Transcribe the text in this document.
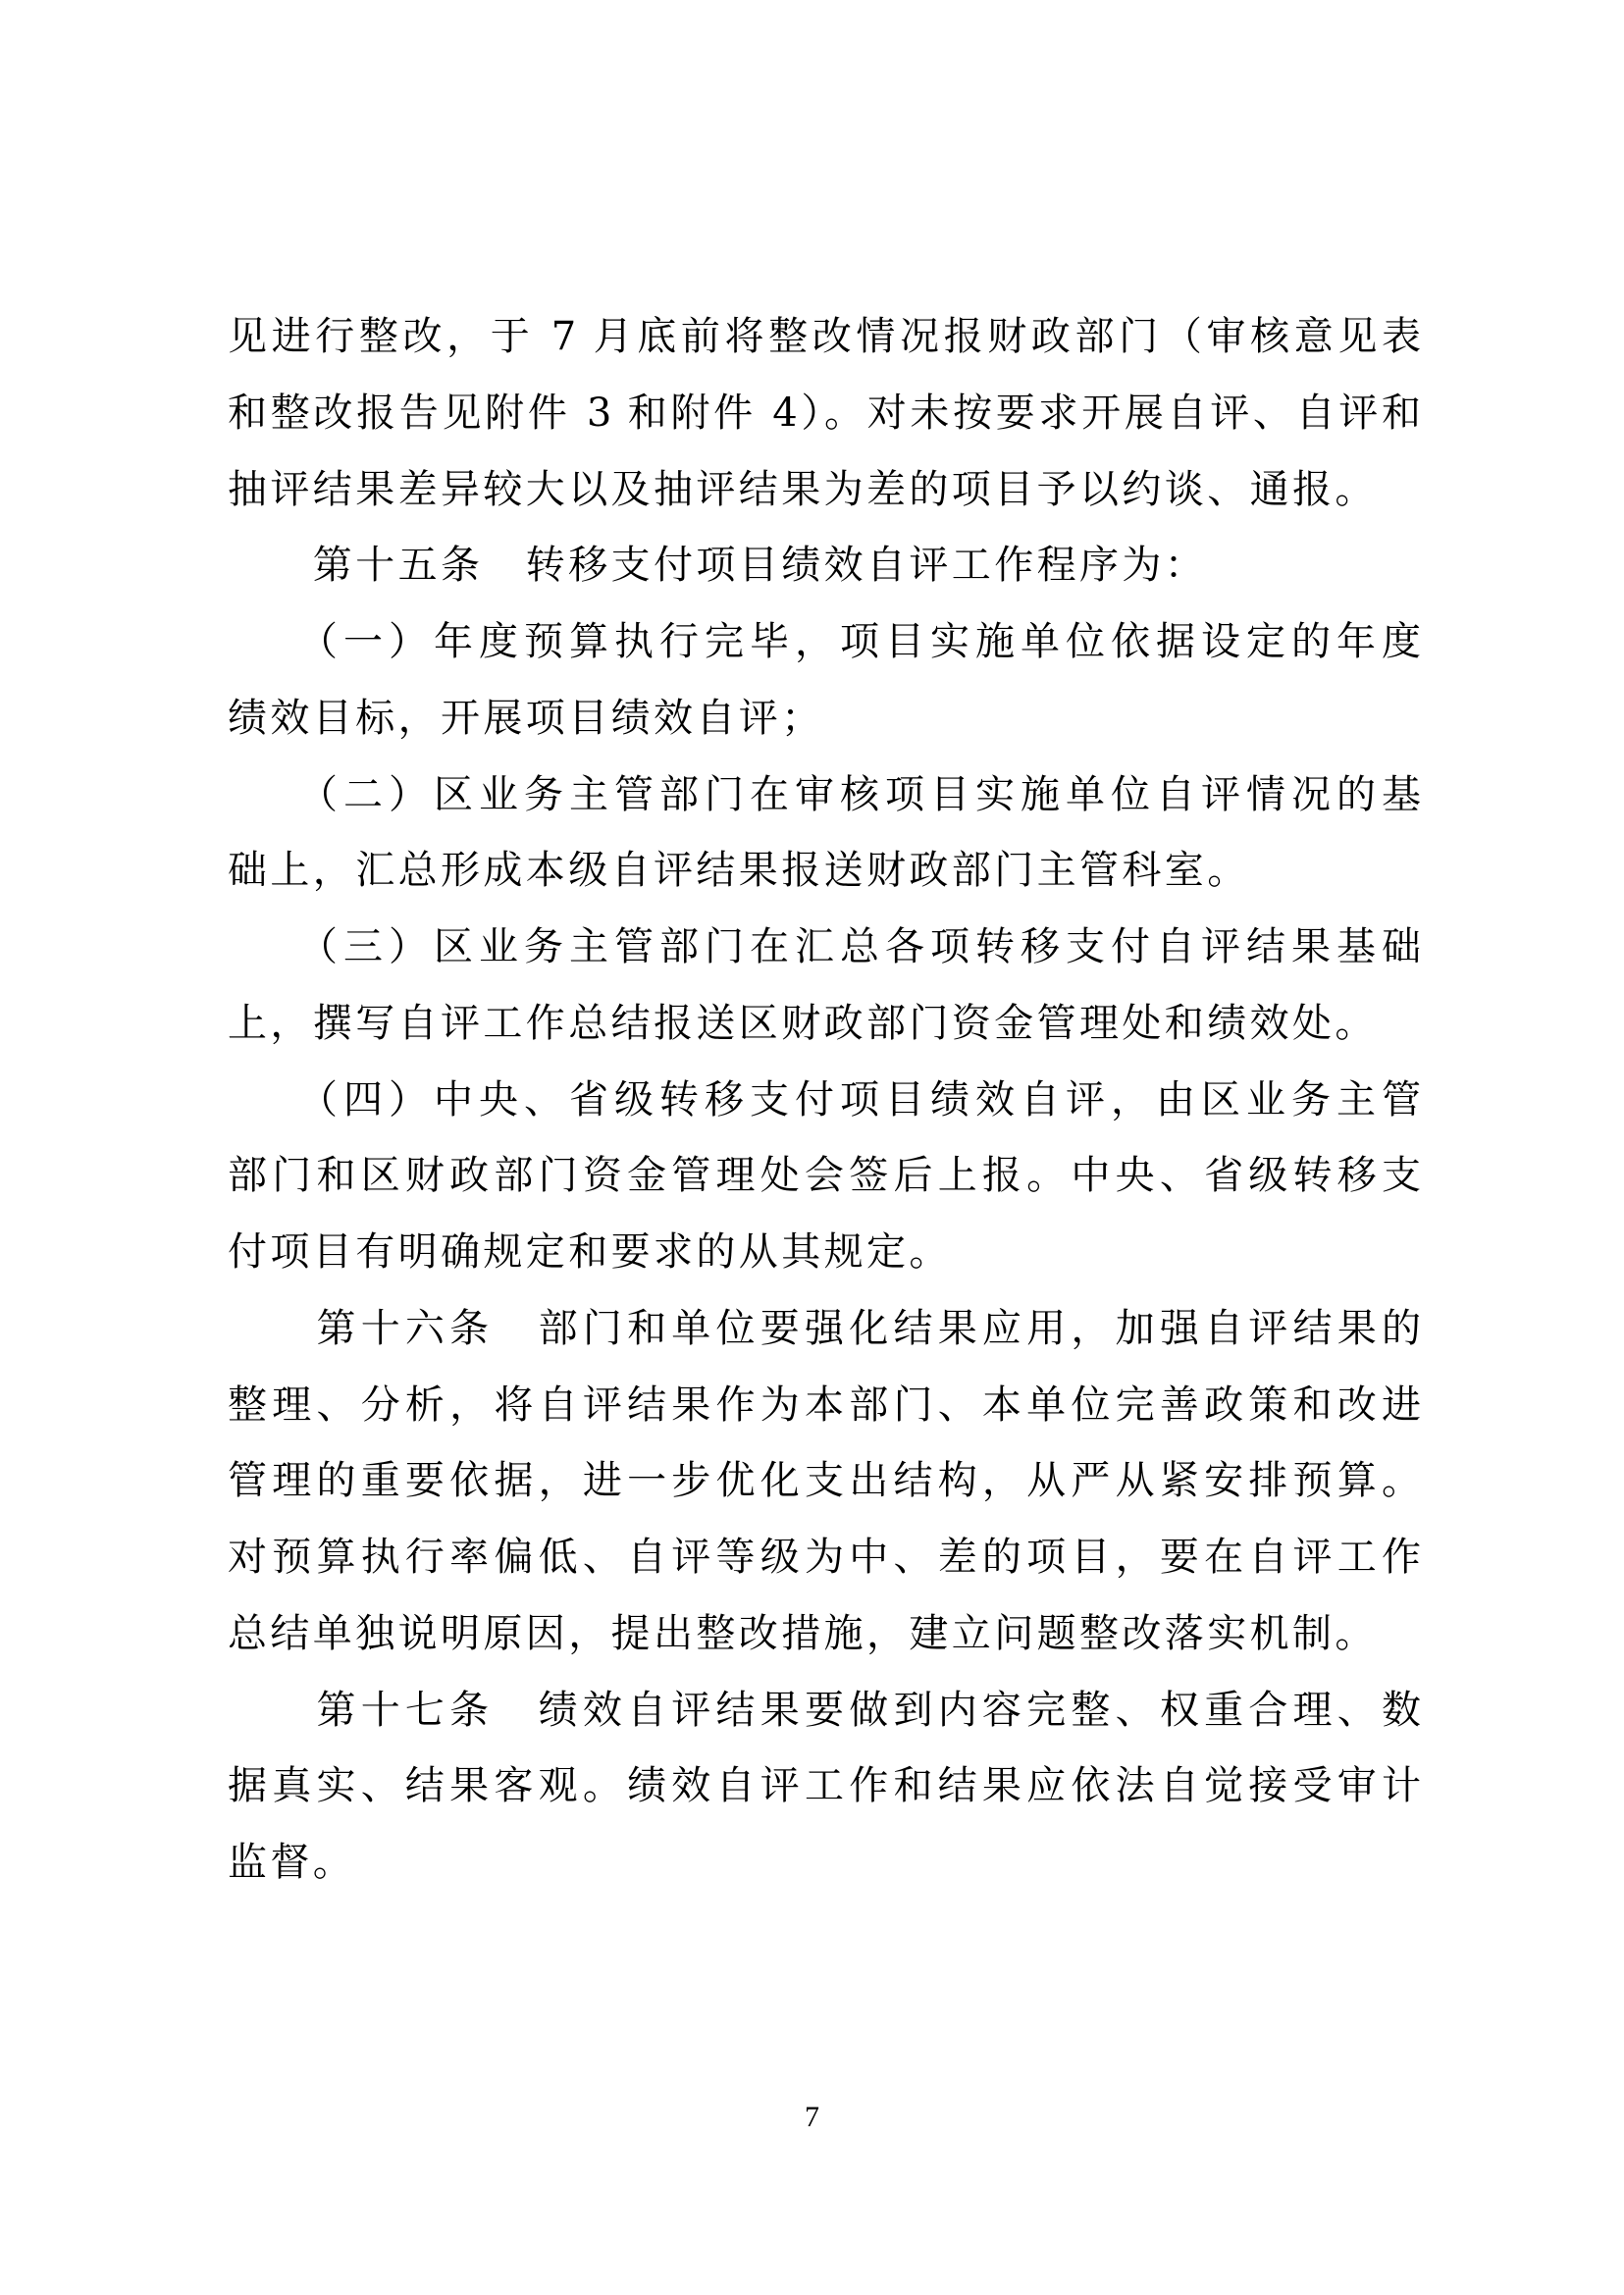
见进行整改，于 7 月底前将整改情况报财政部门（审核意见表
和整改报告见附件 3 和附件 4）。对未按要求开展自评、自评和
抽评结果差异较大以及抽评结果为差的项目予以约谈、通报。
　　第十五条　转移支付项目绩效自评工作程序为：
　　（一）年度预算执行完毕，项目实施单位依据设定的年度
绩效目标，开展项目绩效自评；
　　（二）区业务主管部门在审核项目实施单位自评情况的基
础上，汇总形成本级自评结果报送财政部门主管科室。
　　（三）区业务主管部门在汇总各项转移支付自评结果基础
上，撰写自评工作总结报送区财政部门资金管理处和绩效处。
　　（四）中央、省级转移支付项目绩效自评，由区业务主管
部门和区财政部门资金管理处会签后上报。中央、省级转移支
付项目有明确规定和要求的从其规定。
　　第十六条　部门和单位要强化结果应用，加强自评结果的
整理、分析，将自评结果作为本部门、本单位完善政策和改进
管理的重要依据，进一步优化支出结构，从严从紧安排预算。
对预算执行率偏低、自评等级为中、差的项目，要在自评工作
总结单独说明原因，提出整改措施，建立问题整改落实机制。
　　第十七条　绩效自评结果要做到内容完整、权重合理、数
据真实、结果客观。绩效自评工作和结果应依法自觉接受审计
监督。
7
